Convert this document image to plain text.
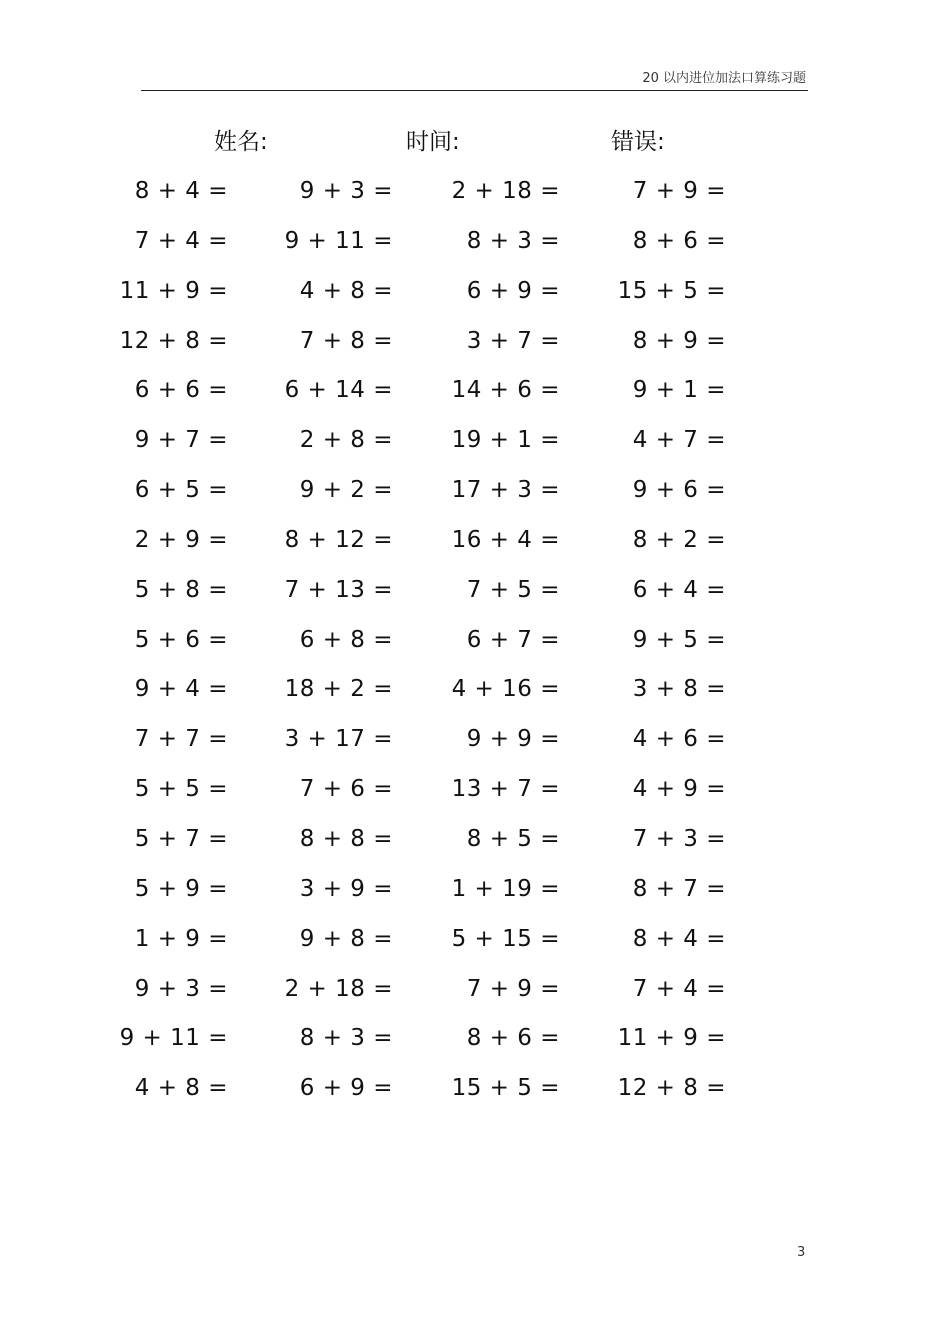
20 以内进位加法口算练习题
姓名:	时间:	错误:
8 + 4 =	9 + 3 =	2 + 18 =	7 + 9 =
7 + 4 = 9 + 11 =	8 + 3 =	8 + 6 =
11 + 9 =	4 + 8 =	6 + 9 =	15 + 5 =
12 + 8 =	7 + 8 =	3 + 7 =	8 + 9 =
6 + 6 = 6 + 14 =	14 + 6 =	9 + 1 =
9 + 7 =	2 + 8 =	19 + 1 =	4 + 7 =
6 + 5 =	9 + 2 =	17 + 3 =	9 + 6 =
2 + 9 = 8 + 12 =	16 + 4 =	8 + 2 =
5 + 8 = 7 + 13 =	7 + 5 =	6 + 4 =
5 + 6 =	6 + 8 =	6 + 7 =	9 + 5 =
9 + 4 = 18 + 2 =	4 + 16 =	3 + 8 =
7 + 7 = 3 + 17 =	9 + 9 =	4 + 6 =
5 + 5 =	7 + 6 =	13 + 7 =	4 + 9 =
5 + 7 =	8 + 8 =	8 + 5 =	7 + 3 =
5 + 9 =	3 + 9 =	1 + 19 =	8 + 7 =
1 + 9 =	9 + 8 =	5 + 15 =	8 + 4 =
9 + 3 = 2 + 18 =	7 + 9 =	7 + 4 =
9 + 11 =	8 + 3 =	8 + 6 =	11 + 9 =
4 + 8 =	6 + 9 =	15 + 5 =	12 + 8 =
3
